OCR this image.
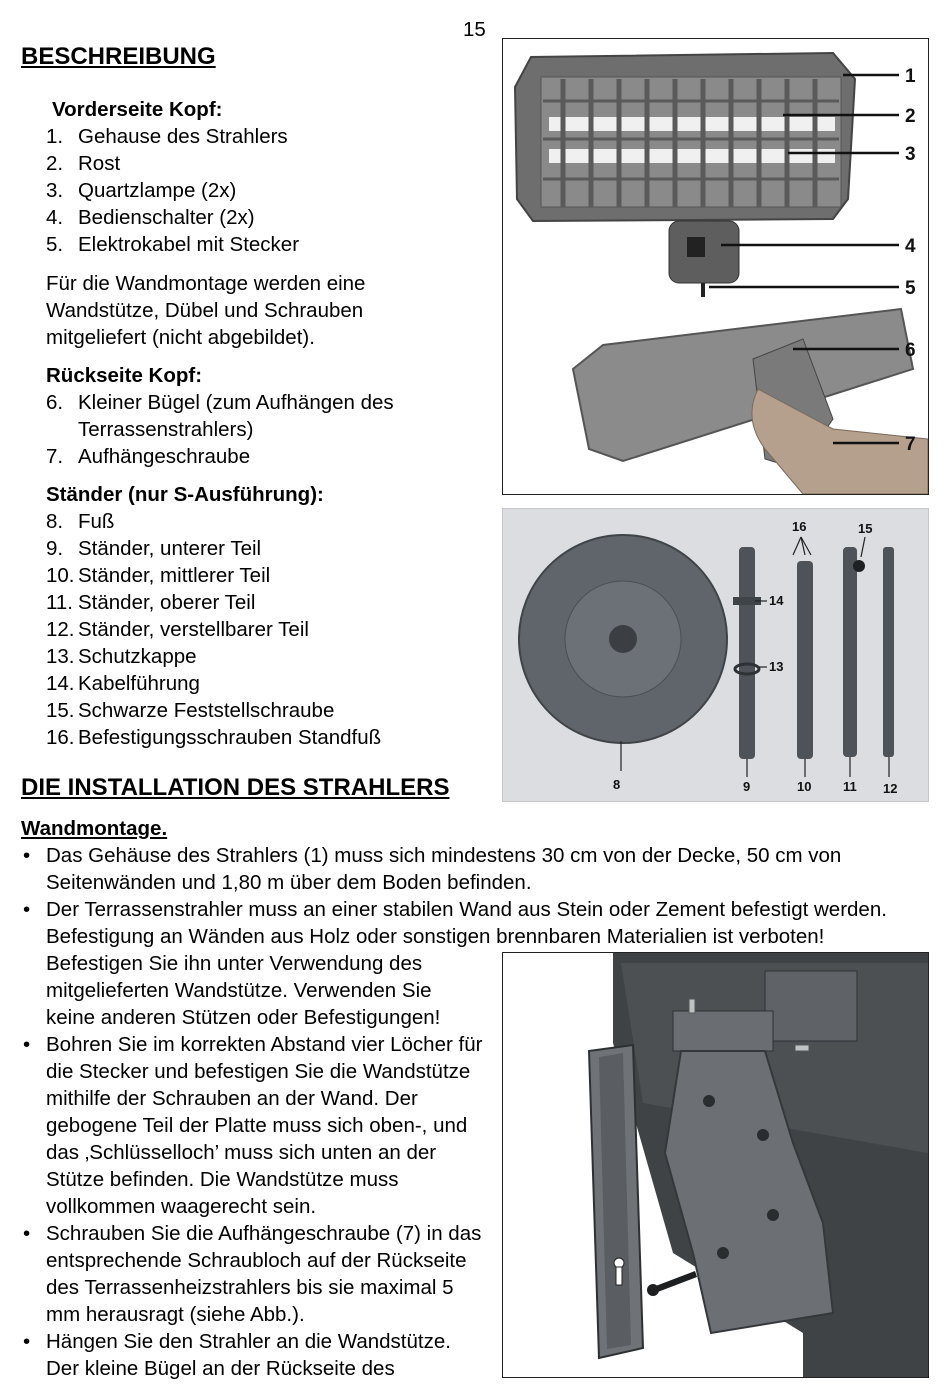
15
BESCHREIBUNG
Vorderseite Kopf:
1. Gehause des Strahlers
2. Rost
3. Quartzlampe (2x)
4. Bedienschalter (2x)
5. Elektrokabel mit Stecker
Für die Wandmontage werden eine Wandstütze, Dübel und Schrauben mitgeliefert (nicht abgebildet).
Rückseite Kopf:
6. Kleiner Bügel (zum Aufhängen des Terrassenstrahlers)
7. Aufhängeschraube
Ständer (nur S-Ausführung):
8. Fuß
9. Ständer, unterer Teil
10. Ständer, mittlerer Teil
11. Ständer, oberer Teil
12. Ständer, verstellbarer Teil
13. Schutzkappe
14. Kabelführung
15. Schwarze Feststellschraube
16. Befestigungsschrauben Standfuß
DIE INSTALLATION DES STRAHLERS
Wandmontage.
• Das Gehäuse des Strahlers (1) muss sich mindestens 30 cm von der Decke, 50 cm von Seitenwänden und 1,80 m über dem Boden befinden.
• Der Terrassenstrahler muss an einer stabilen Wand aus Stein oder Zement befestigt werden. Befestigung an Wänden aus Holz oder sonstigen brennbaren Materialien ist verboten!
Befestigen Sie ihn unter Verwendung des mitgelieferten Wandstütze. Verwenden Sie keine anderen Stützen oder Befestigungen!
• Bohren Sie im korrekten Abstand vier Löcher für die Stecker und befestigen Sie die Wandstütze mithilfe der Schrauben an der Wand. Der gebogene Teil der Platte muss sich oben-, und das ‚Schlüsselloch’ muss sich unten an der Stütze befinden. Die Wandstütze muss vollkommen waagerecht sein.
• Schrauben Sie die Aufhängeschraube (7) in das entsprechende Schraubloch auf der Rückseite des Terrassenheizstrahlers bis sie maximal 5 mm herausragt (siehe Abb.).
• Hängen Sie den Strahler an die Wandstütze. Der kleine Bügel an der Rückseite des
1
2
3
4
5
6
7
16	15
14
13
8	9	10 11 12
